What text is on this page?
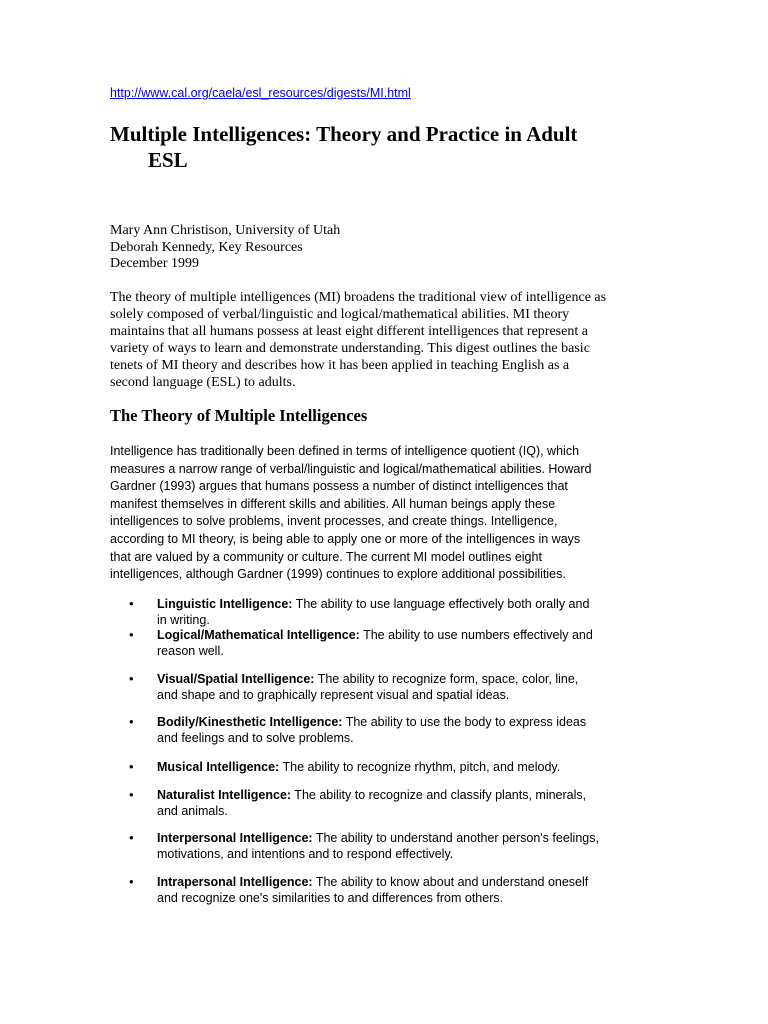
http://www.cal.org/caela/esl_resources/digests/MI.html
Multiple Intelligences: Theory and Practice in Adult
ESL
Mary Ann Christison, University of Utah
Deborah Kennedy, Key Resources
December 1999

The theory of multiple intelligences (MI) broadens the traditional view of intelligence as
solely composed of verbal/linguistic and logical/mathematical abilities. MI theory
maintains that all humans possess at least eight different intelligences that represent a
variety of ways to learn and demonstrate understanding. This digest outlines the basic
tenets of MI theory and describes how it has been applied in teaching English as a
second language (ESL) to adults.

The Theory of Multiple Intelligences

Intelligence has traditionally been defined in terms of intelligence quotient (IQ), which
measures a narrow range of verbal/linguistic and logical/mathematical abilities. Howard
Gardner (1993) argues that humans possess a number of distinct intelligences that
manifest themselves in different skills and abilities. All human beings apply these
intelligences to solve problems, invent processes, and create things. Intelligence,
according to MI theory, is being able to apply one or more of the intelligences in ways
that are valued by a community or culture. The current MI model outlines eight
intelligences, although Gardner (1999) continues to explore additional possibilities.

• Linguistic Intelligence: The ability to use language effectively both orally and
in writing.
• Logical/Mathematical Intelligence: The ability to use numbers effectively and
reason well.
• Visual/Spatial Intelligence: The ability to recognize form, space, color, line,
and shape and to graphically represent visual and spatial ideas.
• Bodily/Kinesthetic Intelligence: The ability to use the body to express ideas
and feelings and to solve problems.
• Musical Intelligence: The ability to recognize rhythm, pitch, and melody.
• Naturalist Intelligence: The ability to recognize and classify plants, minerals,
and animals.
• Interpersonal Intelligence: The ability to understand another person's feelings,
motivations, and intentions and to respond effectively.
• Intrapersonal Intelligence: The ability to know about and understand oneself
and recognize one's similarities to and differences from others.
